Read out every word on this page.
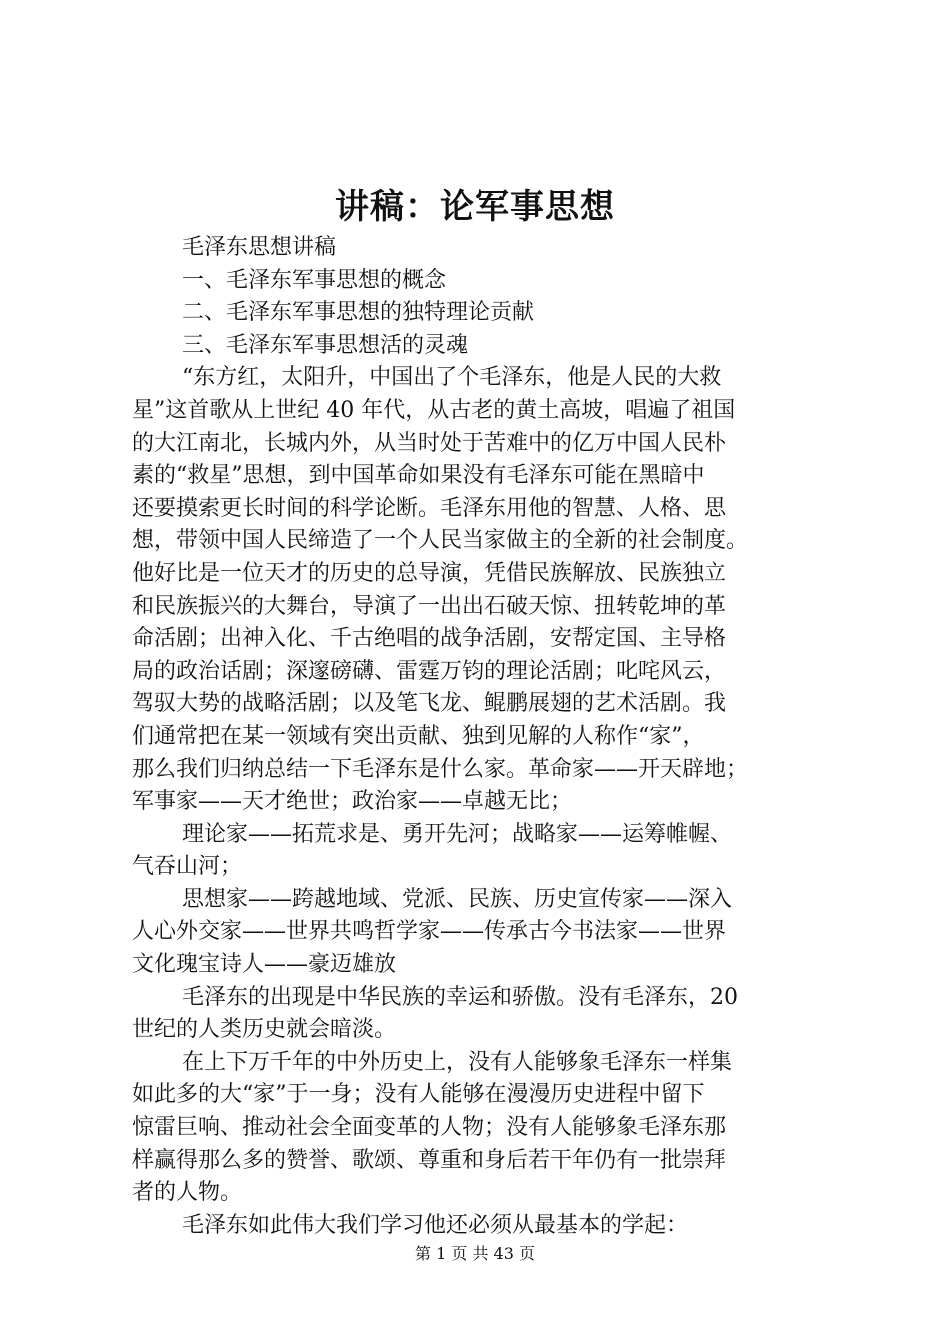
讲稿：论军事思想

毛泽东思想讲稿

一、毛泽东军事思想的概念

二、毛泽东军事思想的独特理论贡献

三、毛泽东军事思想活的灵魂

“东方红，太阳升，中国出了个毛泽东，他是人民的大救

星”这首歌从上世纪 40 年代，从古老的黄土高坡，唱遍了祖国

的大江南北，长城内外，从当时处于苦难中的亿万中国人民朴

素的“救星”思想，到中国革命如果没有毛泽东可能在黑暗中

还要摸索更长时间的科学论断。毛泽东用他的智慧、人格、思

想，带领中国人民缔造了一个人民当家做主的全新的社会制度。

他好比是一位天才的历史的总导演，凭借民族解放、民族独立

和民族振兴的大舞台，导演了一出出石破天惊、扭转乾坤的革

命活剧；出神入化、千古绝唱的战争活剧，安帮定国、主导格

局的政治话剧；深邃磅礴、雷霆万钧的理论活剧；叱咤风云，

驾驭大势的战略活剧；以及笔飞龙、鲲鹏展翅的艺术活剧。我

们通常把在某一领域有突出贡献、独到见解的人称作“家”，

那么我们归纳总结一下毛泽东是什么家。革命家——开天辟地；

军事家——天才绝世；政治家——卓越无比；

理论家——拓荒求是、勇开先河；战略家——运筹帷幄、

气吞山河；

思想家——跨越地域、党派、民族、历史宣传家——深入

人心外交家——世界共鸣哲学家——传承古今书法家——世界

文化瑰宝诗人——豪迈雄放

毛泽东的出现是中华民族的幸运和骄傲。没有毛泽东，20

世纪的人类历史就会暗淡。

在上下万千年的中外历史上，没有人能够象毛泽东一样集

如此多的大“家”于一身；没有人能够在漫漫历史进程中留下

惊雷巨响、推动社会全面变革的人物；没有人能够象毛泽东那

样赢得那么多的赞誉、歌颂、尊重和身后若干年仍有一批崇拜

者的人物。

毛泽东如此伟大我们学习他还必须从最基本的学起：

第 1 页 共 43 页
